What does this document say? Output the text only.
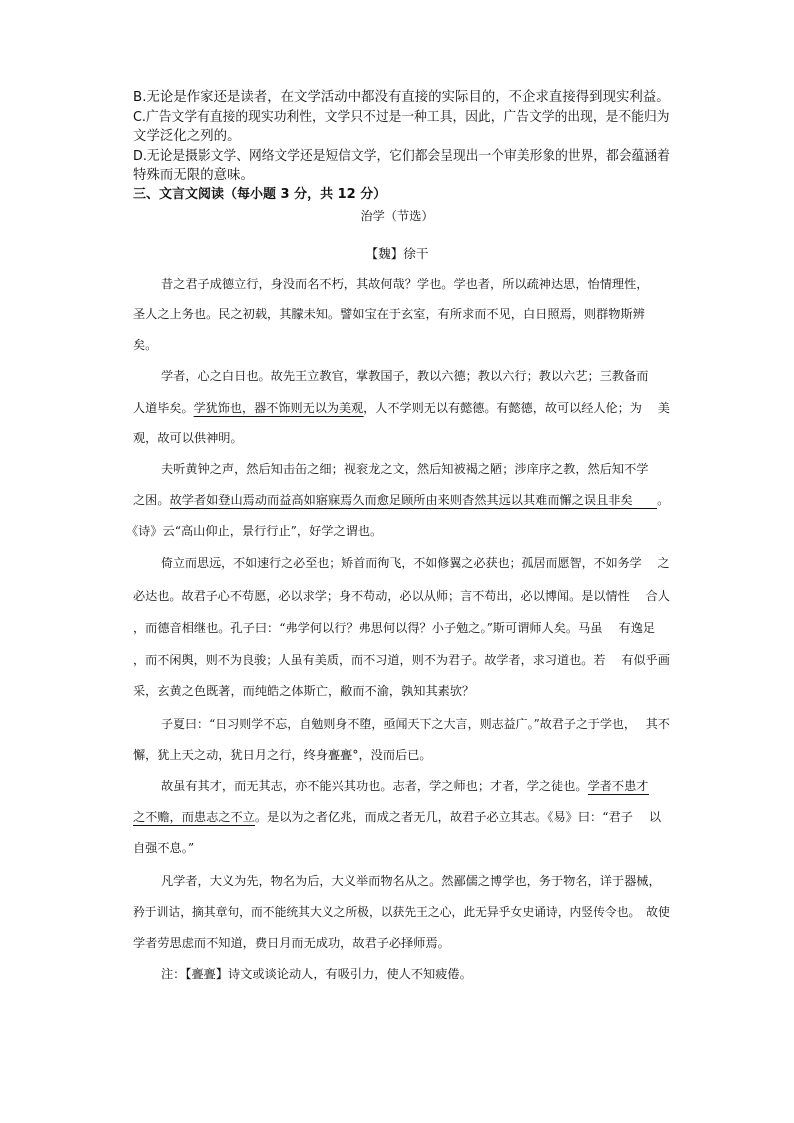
B.无论是作家还是读者，在文学活动中都没有直接的实际目的，不企求直接得到现实利益。
C.广告文学有直接的现实功利性，文学只不过是一种工具，因此，广告文学的出现，是不能归为
文学泛化之列的。
D.无论是摄影文学、网络文学还是短信文学，它们都会呈现出一个审美形象的世界，都会蕴涵着
特殊而无限的意味。
三、文言文阅读（每小题 3 分，共 12 分）
治学（节选）
【魏】徐干
昔之君子成德立行，身没而名不朽，其故何哉？学也。学也者，所以疏神达思，怡情理性，
圣人之上务也。民之初载，其朦未知。譬如宝在于玄室，有所求而不见，白日照焉，则群物斯辨
矣。
学者，心之白日也。故先王立教官，掌教国子，教以六德；教以六行；教以六艺；三教备而
人道毕矣。学犹饰也，器不饰则无以为美观，人不学则无以有懿德。有懿德，故可以经人伦；为　 美
观，故可以供神明。
夫听黄钟之声，然后知击缶之细；视衮龙之文，然后知被褐之陋；涉庠序之教，然后知不学
之困。故学者如登山焉动而益高如寤寐焉久而愈足顾所由来则杳然其远以其难而懈之误且非矣　　。
《诗》云“高山仰止，景行行止”，好学之谓也。
倚立而思远，不如速行之必至也；矫首而徇飞，不如修翼之必获也；孤居而愿智，不如务学　 之
必达也。故君子心不苟愿，必以求学；身不苟动，必以从师；言不苟出，必以博闻。是以情性　 合人
，而德音相继也。孔子曰：“弗学何以行？弗思何以得？小子勉之。”斯可谓师人矣。马虽　 有逸足
，而不闲舆，则不为良骏；人虽有美质，而不习道，则不为君子。故学者，求习道也。若　 有似乎画
采，玄黄之色既著，而纯皓之体斯亡，敝而不渝，孰知其素欤？
子夏曰：“日习则学不忘，自勉则身不堕，亟闻天下之大言，则志益广。”故君子之于学也，　 其不
懈，犹上天之动，犹日月之行，终身亹亹°，没而后已。
故虽有其才，而无其志，亦不能兴其功也。志者，学之师也；才者，学之徒也。学者不患才
之不赡，而患志之不立。是以为之者亿兆，而成之者无几，故君子必立其志。《易》曰：“君子　 以
自强不息。”
凡学者，大义为先，物名为后，大义举而物名从之。然鄙儒之博学也，务于物名，详于器械，
矜于训诂，摘其章句，而不能统其大义之所极，以获先王之心，此无异乎女史诵诗，内竖传令也。　故使
学者劳思虑而不知道，费日月而无成功，故君子必择师焉。
注：【亹亹】诗文或谈论动人，有吸引力，使人不知疲倦。
